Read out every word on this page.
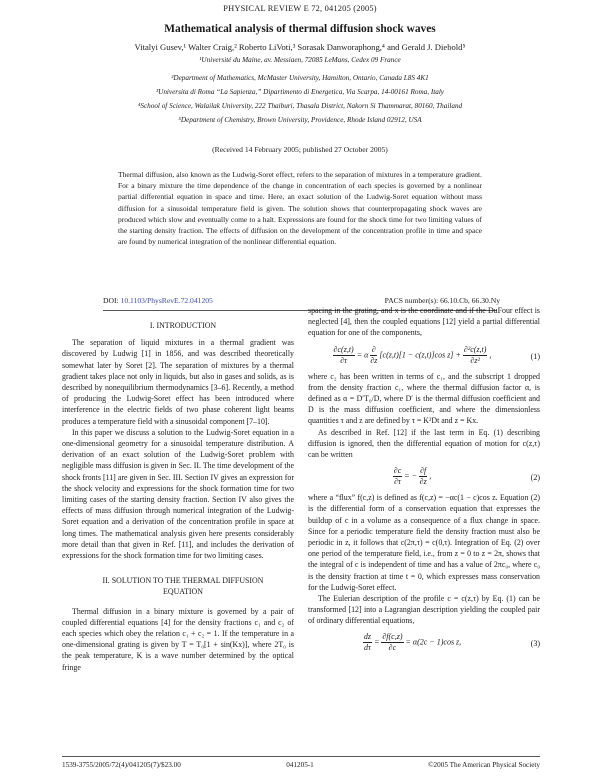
PHYSICAL REVIEW E 72, 041205 (2005)
Mathematical analysis of thermal diffusion shock waves
Vitalyi Gusev,¹ Walter Craig,² Roberto LiVoti,³ Sorasak Danworaphong,⁴ and Gerald J. Diebold⁵
¹Université du Maine, av. Messiaen, 72085 LeMans, Cedex 09 France
²Department of Mathematics, McMaster University, Hamilton, Ontario, Canada L8S 4K1
³Universita di Roma “La Sapienza,” Dipartimento di Energetica, Via Scarpa, 14-00161 Roma, Italy
⁴School of Science, Walailak University, 222 Thaiburi, Thasala District, Nakorn Si Thammarat, 80160, Thailand
⁵Department of Chemistry, Brown University, Providence, Rhode Island 02912, USA
(Received 14 February 2005; published 27 October 2005)
Thermal diffusion, also known as the Ludwig-Soret effect, refers to the separation of mixtures in a temperature gradient. For a binary mixture the time dependence of the change in concentration of each species is governed by a nonlinear partial differential equation in space and time. Here, an exact solution of the Ludwig-Soret equation without mass diffusion for a sinusoidal temperature field is given. The solution shows that counterpropagating shock waves are produced which slow and eventually come to a halt. Expressions are found for the shock time for two limiting values of the starting density fraction. The effects of diffusion on the development of the concentration profile in time and space are found by numerical integration of the nonlinear differential equation.
DOI: 10.1103/PhysRevE.72.041205	PACS number(s): 66.10.Cb, 66.30.Ny

I. INTRODUCTION

The separation of liquid mixtures in a thermal gradient was discovered by Ludwig [1] in 1856, and was described theoretically somewhat later by Soret [2]. The separation of mixtures by a thermal gradient takes place not only in liquids, but also in gases and solids, as is described by nonequilibrium thermodynamics [3–6]. Recently, a method of producing the Ludwig-Soret effect has been introduced where interference in the electric fields of two phase coherent light beams produces a temperature field with a sinusoidal component [7–10].

In this paper we discuss a solution to the Ludwig-Soret equation in a one-dimensional geometry for a sinusoidal temperature distribution. A derivation of an exact solution of the Ludwig-Soret problem with negligible mass diffusion is given in Sec. II. The time development of the shock fronts [11] are given in Sec. III. Section IV gives an expression for the shock velocity and expressions for the shock formation time for two limiting cases of the starting density fraction. Section IV also gives the effects of mass diffusion through numerical integration of the Ludwig-Soret equation and a derivation of the concentration profile in space at long times. The mathematical analysis given here presents considerably more detail than that given in Ref. [11], and includes the derivation of expressions for the shock formation time for two limiting cases.

II. SOLUTION TO THE THERMAL DIFFUSION

EQUATION

Thermal diffusion in a binary mixture is governed by a pair of coupled differential equations [4] for the density fractions c₁ and c₂ of each species which obey the relation c₁ + c₂ = 1. If the temperature in a one-dimensional grating is given by T = T₀[1 + sin(Kx)], where 2T₀ is the peak temperature, K is a wave number determined by the optical fringe

spacing in the grating, and x is the coordinate and if the DuFour effect is neglected [4], then the coupled equations [12] yield a partial differential equation for one of the components,

$\frac{\partial c(z,t)}{\partial\tau} = \alpha \frac{\partial}{\partial z} [c(z,t)[1 - c(z,t)]\cos$ $z] + \frac{\text{∂²c(z,t)}}{\text{∂z²}}$ ,	(1)

where c₂ has been written in terms of c₁, and the subscript 1 dropped from the density fraction c₁, where the thermal diffusion factor α, is defined as α = D′T₀/D, where D′ is the thermal diffusion coefficient and D is the mass diffusion coefficient, and where the dimensionless quantities τ and z are defined by τ = K²Dt and z = Kx.

As described in Ref. [12] if the last term in Eq. (1) describing diffusion is ignored, then the differential equation of motion for c(z,τ) can be written

$\frac{\partial c}{\partial\tau}$ = − $\frac{\partial f}{\partial z}$ ,	(2)

where a “flux” f(c,z) is defined as f(c,z) = −αc(1 − c)cos z. Equation (2) is the differential form of a conservation equation that expresses the buildup of c in a volume as a consequence of a flux change in space. Since for a periodic temperature field the density fraction must also be periodic in z, it follows that c(2π,τ) = c(0,τ). Integration of Eq. (2) over one period of the temperature field, i.e., from z = 0 to z = 2π, shows that the integral of c is independent of time and has a value of 2πc₀, where c₀ is the density fraction at time t = 0, which expresses mass conservation for the Ludwig-Soret effect.

The Eulerian description of the profile c = c(z,τ) by Eq. (1) can be transformed [12] into a Lagrangian description yielding the coupled pair of ordinary differential equations,

$\frac{dz}{d\tau} = \frac{\partial f(c,z)}{\partial c} = \alpha(2c - 1)\cos$ z,	(3)
1539-3755/2005/72(4)/041205(7)/$23.00	041205-1	©2005 The American Physical Society
